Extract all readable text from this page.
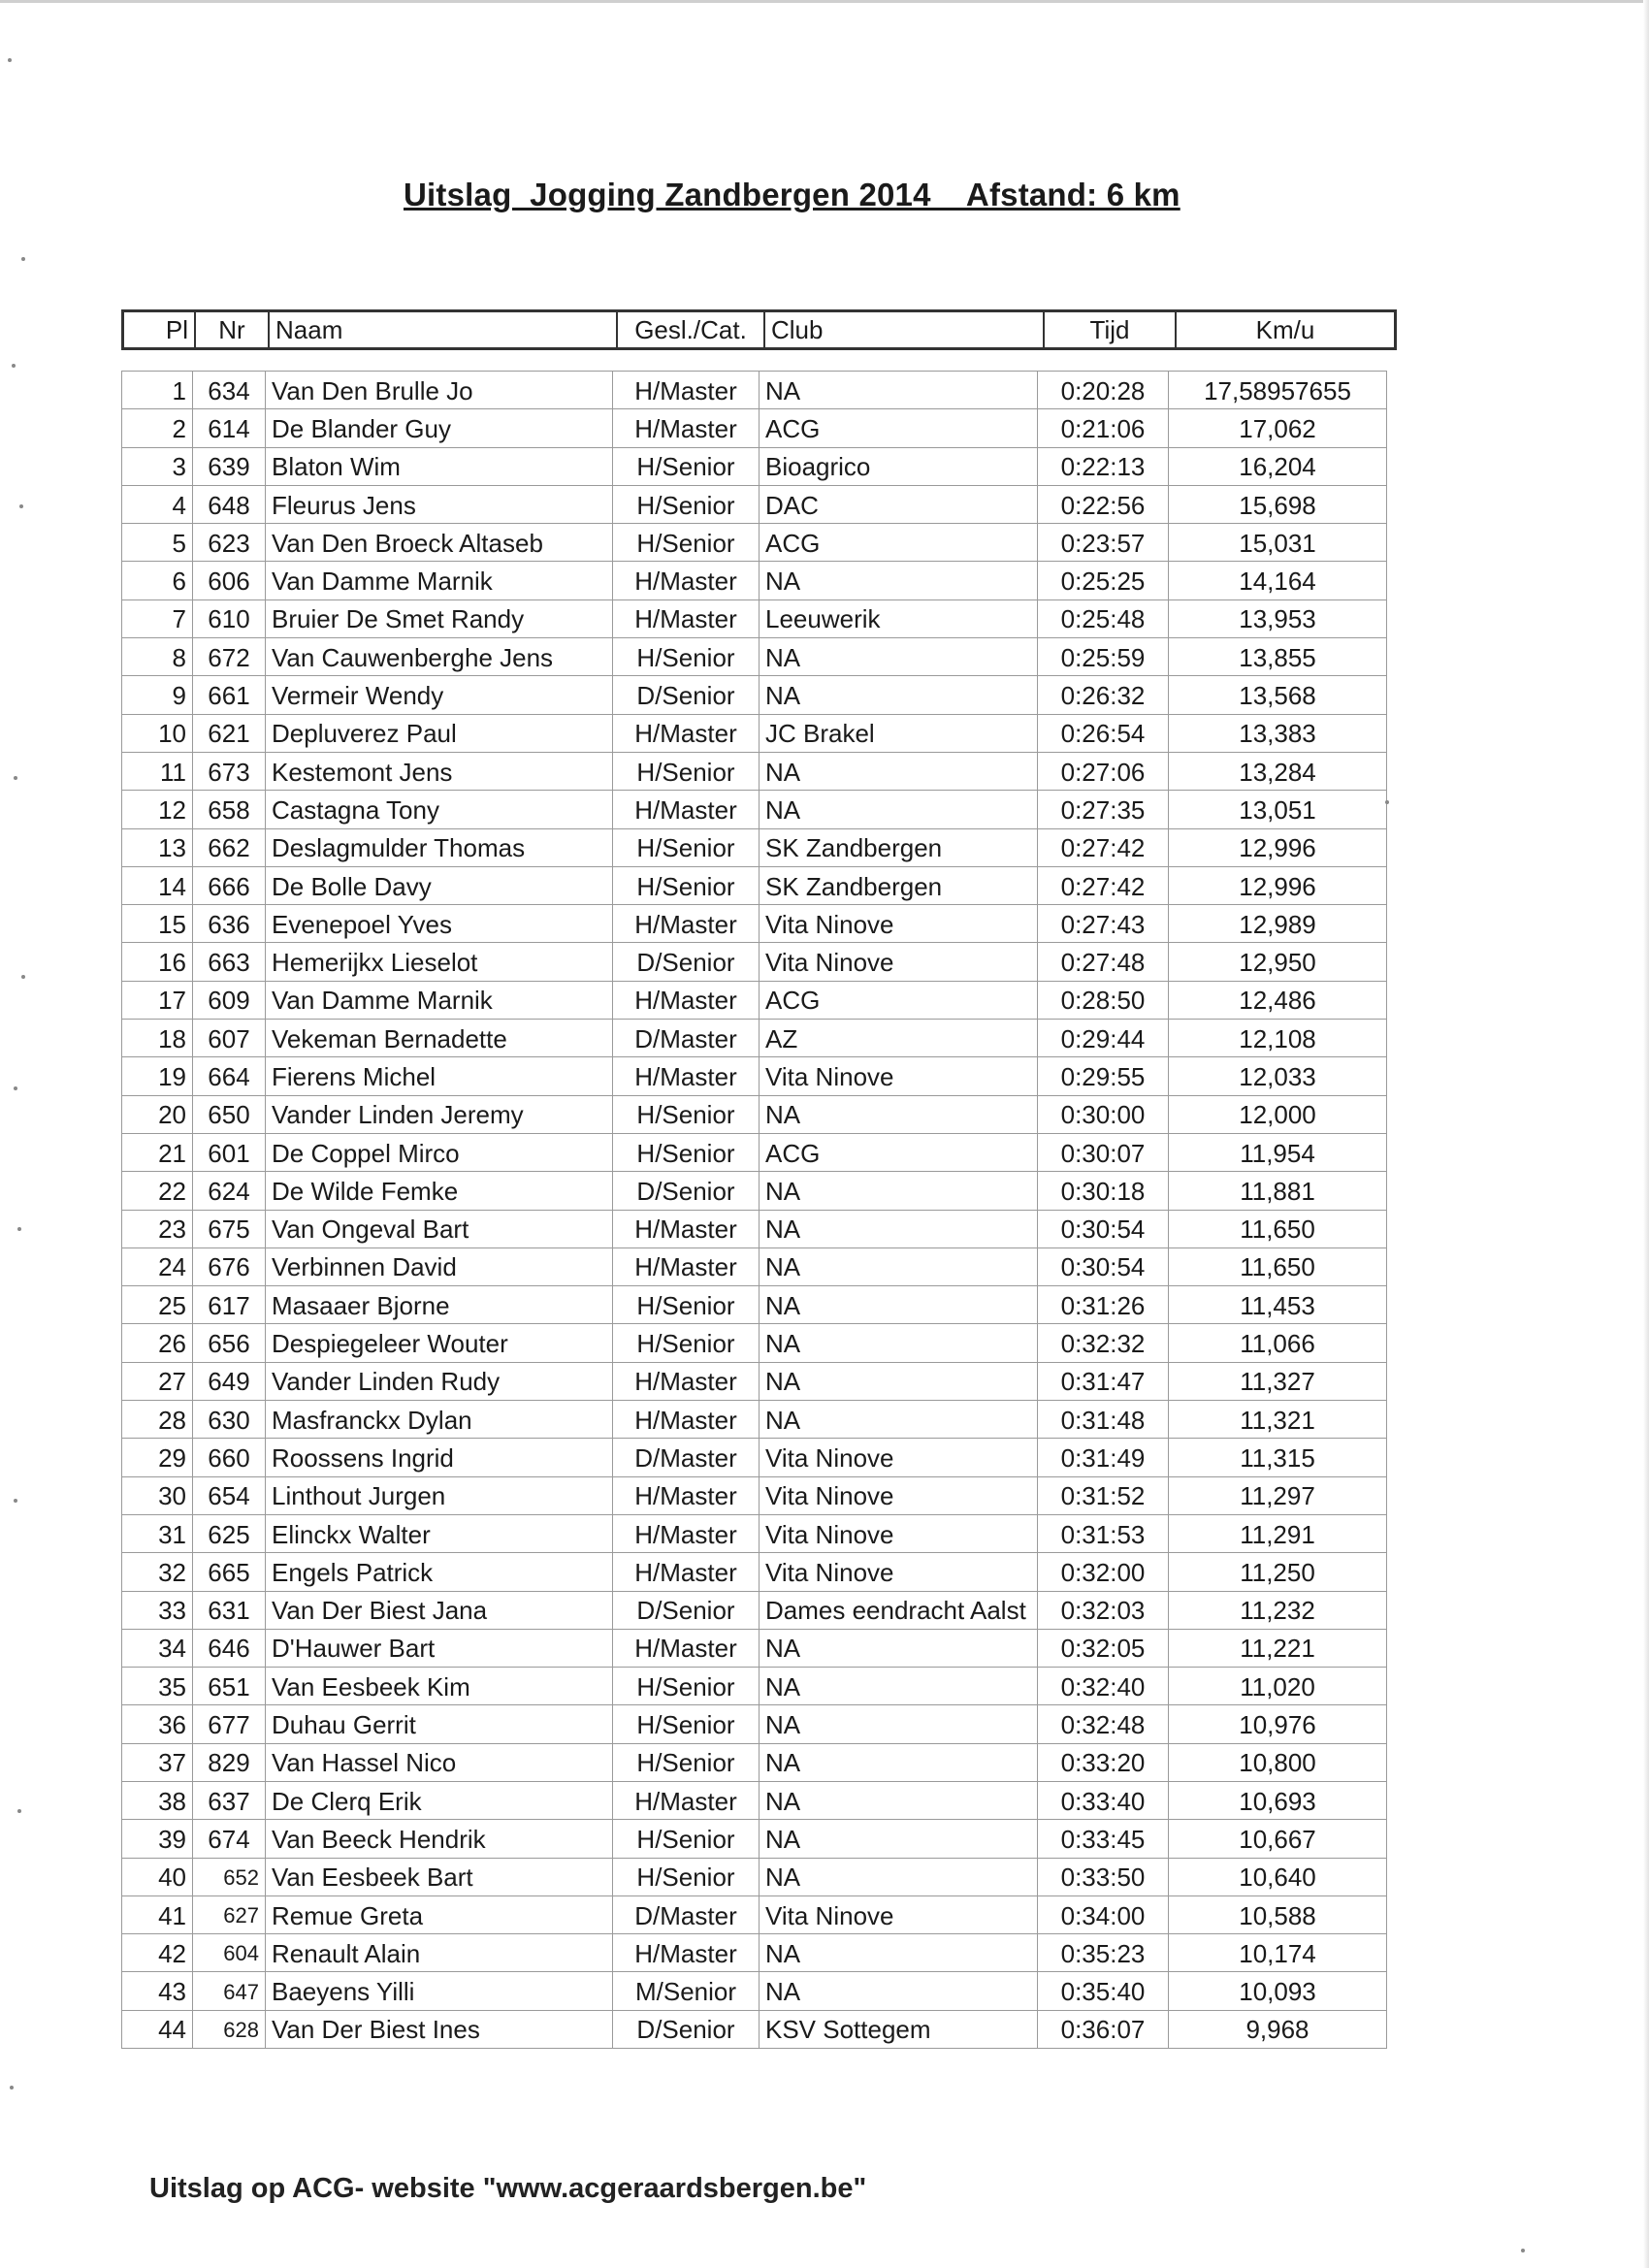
Uitslag  Jogging Zandbergen 2014    Afstand: 6 km
Pl	Nr	Naam	Gesl./Cat.	Club	Tijd	Km/u
1	634	Van Den Brulle Jo	H/Master	NA	0:20:28	17,58957655
2	614	De Blander Guy	H/Master	ACG	0:21:06	17,062
3	639	Blaton Wim	H/Senior	Bioagrico	0:22:13	16,204
4	648	Fleurus Jens	H/Senior	DAC	0:22:56	15,698
5	623	Van Den Broeck Altaseb	H/Senior	ACG	0:23:57	15,031
6	606	Van Damme Marnik	H/Master	NA	0:25:25	14,164
7	610	Bruier De Smet Randy	H/Master	Leeuwerik	0:25:48	13,953
8	672	Van Cauwenberghe Jens	H/Senior	NA	0:25:59	13,855
9	661	Vermeir Wendy	D/Senior	NA	0:26:32	13,568
10	621	Depluverez Paul	H/Master	JC Brakel	0:26:54	13,383
11	673	Kestemont Jens	H/Senior	NA	0:27:06	13,284
12	658	Castagna Tony	H/Master	NA	0:27:35	13,051
13	662	Deslagmulder Thomas	H/Senior	SK Zandbergen	0:27:42	12,996
14	666	De Bolle Davy	H/Senior	SK Zandbergen	0:27:42	12,996
15	636	Evenepoel Yves	H/Master	Vita Ninove	0:27:43	12,989
16	663	Hemerijkx Lieselot	D/Senior	Vita Ninove	0:27:48	12,950
17	609	Van Damme Marnik	H/Master	ACG	0:28:50	12,486
18	607	Vekeman Bernadette	D/Master	AZ	0:29:44	12,108
19	664	Fierens Michel	H/Master	Vita Ninove	0:29:55	12,033
20	650	Vander Linden Jeremy	H/Senior	NA	0:30:00	12,000
21	601	De Coppel Mirco	H/Senior	ACG	0:30:07	11,954
22	624	De Wilde Femke	D/Senior	NA	0:30:18	11,881
23	675	Van Ongeval Bart	H/Master	NA	0:30:54	11,650
24	676	Verbinnen David	H/Master	NA	0:30:54	11,650
25	617	Masaaer Bjorne	H/Senior	NA	0:31:26	11,453
26	656	Despiegeleer Wouter	H/Senior	NA	0:32:32	11,066
27	649	Vander Linden Rudy	H/Master	NA	0:31:47	11,327
28	630	Masfranckx Dylan	H/Master	NA	0:31:48	11,321
29	660	Roossens Ingrid	D/Master	Vita Ninove	0:31:49	11,315
30	654	Linthout Jurgen	H/Master	Vita Ninove	0:31:52	11,297
31	625	Elinckx Walter	H/Master	Vita Ninove	0:31:53	11,291
32	665	Engels Patrick	H/Master	Vita Ninove	0:32:00	11,250
33	631	Van Der Biest Jana	D/Senior	Dames eendracht Aalst	0:32:03	11,232
34	646	D'Hauwer Bart	H/Master	NA	0:32:05	11,221
35	651	Van Eesbeek Kim	H/Senior	NA	0:32:40	11,020
36	677	Duhau Gerrit	H/Senior	NA	0:32:48	10,976
37	829	Van Hassel Nico	H/Senior	NA	0:33:20	10,800
38	637	De Clerq Erik	H/Master	NA	0:33:40	10,693
39	674	Van Beeck Hendrik	H/Senior	NA	0:33:45	10,667
40	652	Van Eesbeek Bart	H/Senior	NA	0:33:50	10,640
41	627	Remue Greta	D/Master	Vita Ninove	0:34:00	10,588
42	604	Renault Alain	H/Master	NA	0:35:23	10,174
43	647	Baeyens Yilli	M/Senior	NA	0:35:40	10,093
44	628	Van Der Biest Ines	D/Senior	KSV Sottegem	0:36:07	9,968
Uitslag op ACG- website "www.acgeraardsbergen.be"
